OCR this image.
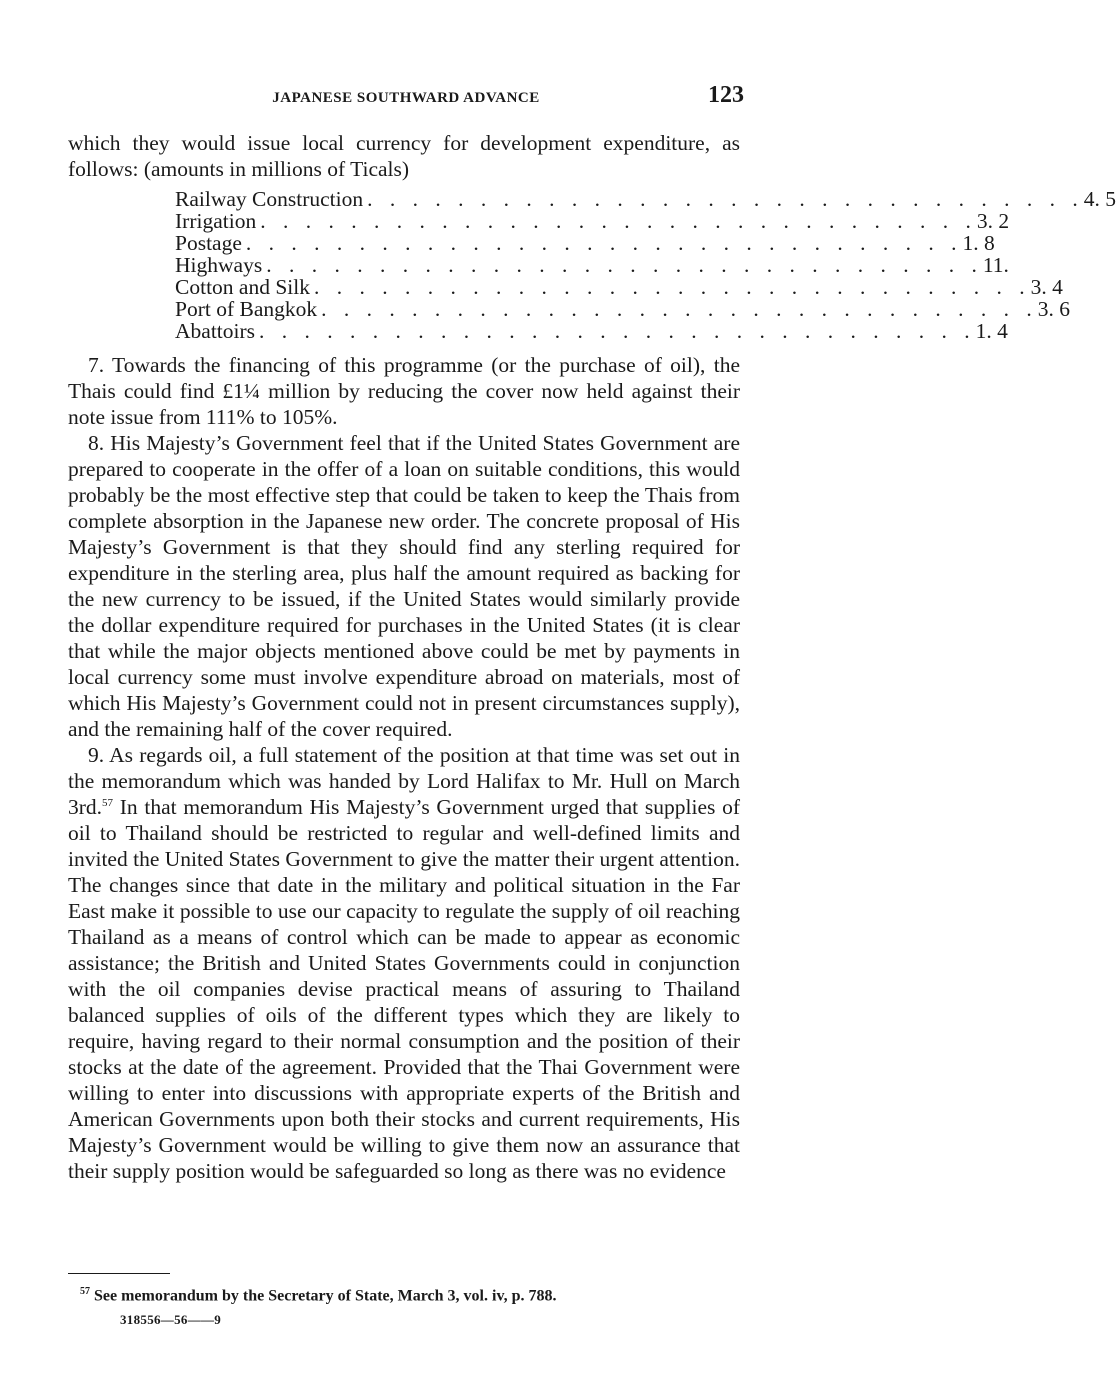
JAPANESE SOUTHWARD ADVANCE	123

which they would issue local currency for development expenditure, as follows: (amounts in millions of Ticals)

Railway Construction . . . . . . . . . . . . . . . . . . . . . . . . . . . . . . . . 4. 5
Irrigation . . . . . . . . . . . . . . . . . . . . . . . . . . . . . . . . 3. 2
Postage . . . . . . . . . . . . . . . . . . . . . . . . . . . . . . . . 1. 8
Highways . . . . . . . . . . . . . . . . . . . . . . . . . . . . . . . . 11.
Cotton and Silk . . . . . . . . . . . . . . . . . . . . . . . . . . . . . . . . 3. 4
Port of Bangkok . . . . . . . . . . . . . . . . . . . . . . . . . . . . . . . . 3. 6
Abattoirs . . . . . . . . . . . . . . . . . . . . . . . . . . . . . . . . 1. 4

7. Towards the financing of this programme (or the purchase of oil), the Thais could find £1¼ million by reducing the cover now held against their note issue from 111% to 105%.

8. His Majesty’s Government feel that if the United States Government are prepared to cooperate in the offer of a loan on suitable conditions, this would probably be the most effective step that could be taken to keep the Thais from complete absorption in the Japanese new order. The concrete proposal of His Majesty’s Government is that they should find any sterling required for expenditure in the sterling area, plus half the amount required as backing for the new currency to be issued, if the United States would similarly provide the dollar expenditure required for purchases in the United States (it is clear that while the major objects mentioned above could be met by payments in local currency some must involve expenditure abroad on materials, most of which His Majesty’s Government could not in present circumstances supply), and the remaining half of the cover required.

9. As regards oil, a full statement of the position at that time was set out in the memorandum which was handed by Lord Halifax to Mr. Hull on March 3rd.$^{57}$ In that memorandum His Majesty’s Government urged that supplies of oil to Thailand should be restricted to regular and well-defined limits and invited the United States Government to give the matter their urgent attention. The changes since that date in the military and political situation in the Far East make it possible to use our capacity to regulate the supply of oil reaching Thailand as a means of control which can be made to appear as economic assistance; the British and United States Governments could in conjunction with the oil companies devise practical means of assuring to Thailand balanced supplies of oils of the different types which they are likely to require, having regard to their normal consumption and the position of their stocks at the date of the agreement. Provided that the Thai Government were willing to enter into discussions with appropriate experts of the British and American Governments upon both their stocks and current requirements, His Majesty’s Government would be willing to give them now an assurance that their supply position would be safeguarded so long as there was no evidence

$^{57}$ See memorandum by the Secretary of State, March 3, vol. iv, p. 788.
318556—56——9
